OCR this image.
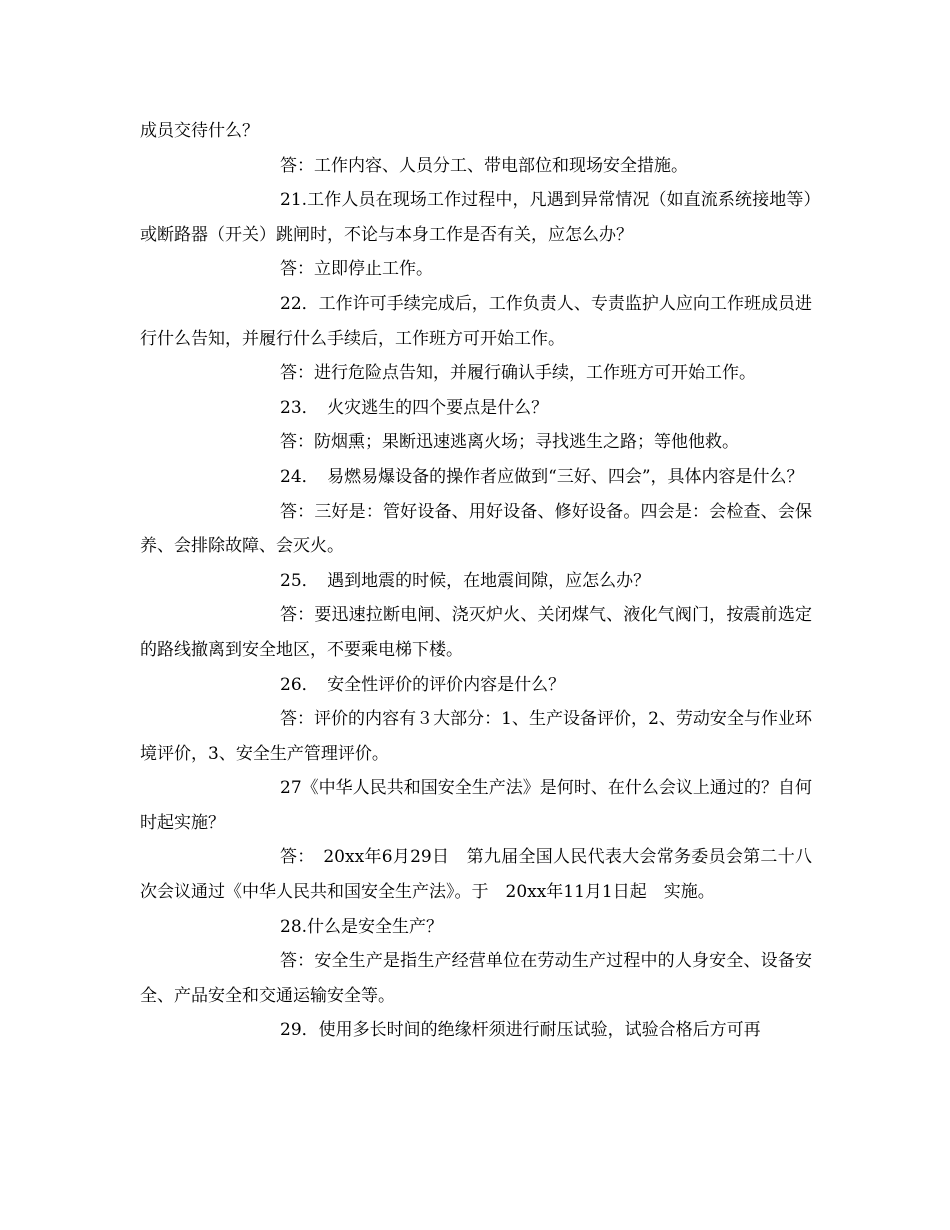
成员交待什么？

答：工作内容、人员分工、带电部位和现场安全措施。

21.工作人员在现场工作过程中，凡遇到异常情况（如直流系统接地等）或断路器（开关）跳闸时，不论与本身工作是否有关，应怎么办？

答：立即停止工作。

22．工作许可手续完成后，工作负责人、专责监护人应向工作班成员进行什么告知，并履行什么手续后，工作班方可开始工作。

答：进行危险点告知，并履行确认手续，工作班方可开始工作。

23．　火灾逃生的四个要点是什么？

答：防烟熏；果断迅速逃离火场；寻找逃生之路；等他他救。

24．　易燃易爆设备的操作者应做到“三好、四会”，具体内容是什么？

答：三好是：管好设备、用好设备、修好设备。四会是：会检查、会保养、会排除故障、会灭火。

25．　遇到地震的时候，在地震间隙，应怎么办？

答：要迅速拉断电闸、浇灭炉火、关闭煤气、液化气阀门，按震前选定的路线撤离到安全地区，不要乘电梯下楼。

26．　安全性评价的评价内容是什么？

答：评价的内容有３大部分：1、生产设备评价，2、劳动安全与作业环境评价，3、安全生产管理评价。

27《中华人民共和国安全生产法》是何时、在什么会议上通过的？自何时起实施？

答：　20xx年6月29日　第九届全国人民代表大会常务委员会第二十八次会议通过《中华人民共和国安全生产法》。于　20xx年11月1日起　实施。

28.什么是安全生产？

答：安全生产是指生产经营单位在劳动生产过程中的人身安全、设备安全、产品安全和交通运输安全等。

29．使用多长时间的绝缘杆须进行耐压试验，试验合格后方可再
